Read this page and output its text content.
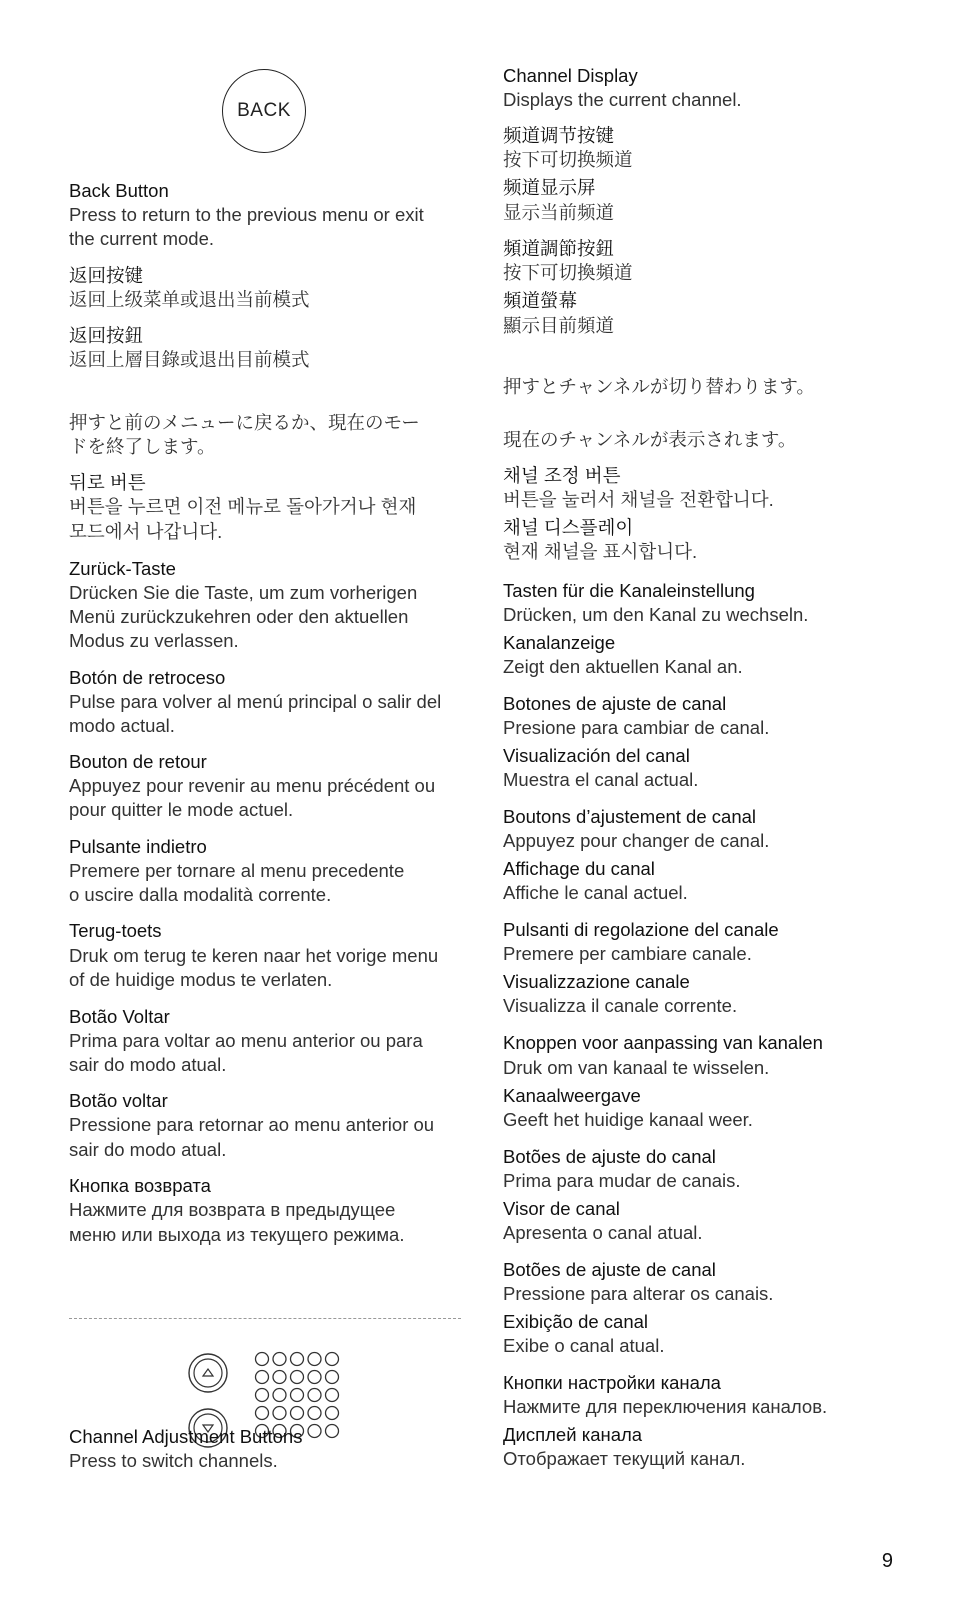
BACK
Back Button
Press to return to the previous menu or exit
the current mode.
返回按键
返回上级菜单或退出当前模式
返回按鈕
返回上層目錄或退出目前模式
押すと前のメニューに戻るか、現在のモー
ドを終了します。
뒤로 버튼
버튼을 누르면 이전 메뉴로 돌아가거나 현재
모드에서 나갑니다.
Zurück-Taste
Drücken Sie die Taste, um zum vorherigen
Menü zurückzukehren oder den aktuellen
Modus zu verlassen.
Botón de retroceso
Pulse para volver al menú principal o salir del
modo actual.
Bouton de retour
Appuyez pour revenir au menu précédent ou
pour quitter le mode actuel.
Pulsante indietro
Premere per tornare al menu precedente
o uscire dalla modalità corrente.
Terug-toets
Druk om terug te keren naar het vorige menu
of de huidige modus te verlaten.
Botão Voltar
Prima para voltar ao menu anterior ou para
sair do modo atual.
Botão voltar
Pressione para retornar ao menu anterior ou
sair do modo atual.
Кнопка возврата
Нажмите для возврата в предыдущее
меню или выхода из текущего режима.
Channel Adjustment Buttons
Press to switch channels.
Channel Display
Displays the current channel.
频道调节按键
按下可切换频道
频道显示屏
显示当前频道
頻道調節按鈕
按下可切換頻道
頻道螢幕
顯示目前頻道
押すとチャンネルが切り替わります。
現在のチャンネルが表示されます。
채널 조정 버튼
버튼을 눌러서 채널을 전환합니다.
채널 디스플레이
현재 채널을 표시합니다.
Tasten für die Kanaleinstellung
Drücken, um den Kanal zu wechseln.
Kanalanzeige
Zeigt den aktuellen Kanal an.
Botones de ajuste de canal
Presione para cambiar de canal.
Visualización del canal
Muestra el canal actual.
Boutons d’ajustement de canal
Appuyez pour changer de canal.
Affichage du canal
Affiche le canal actuel.
Pulsanti di regolazione del canale
Premere per cambiare canale.
Visualizzazione canale
Visualizza il canale corrente.
Knoppen voor aanpassing van kanalen
Druk om van kanaal te wisselen.
Kanaalweergave
Geeft het huidige kanaal weer.
Botões de ajuste do canal
Prima para mudar de canais.
Visor de canal
Apresenta o canal atual.
Botões de ajuste de canal
Pressione para alterar os canais.
Exibição de canal
Exibe o canal atual.
Кнопки настройки канала
Нажмите для переключения каналов.
Дисплей канала
Отображает текущий канал.
9
